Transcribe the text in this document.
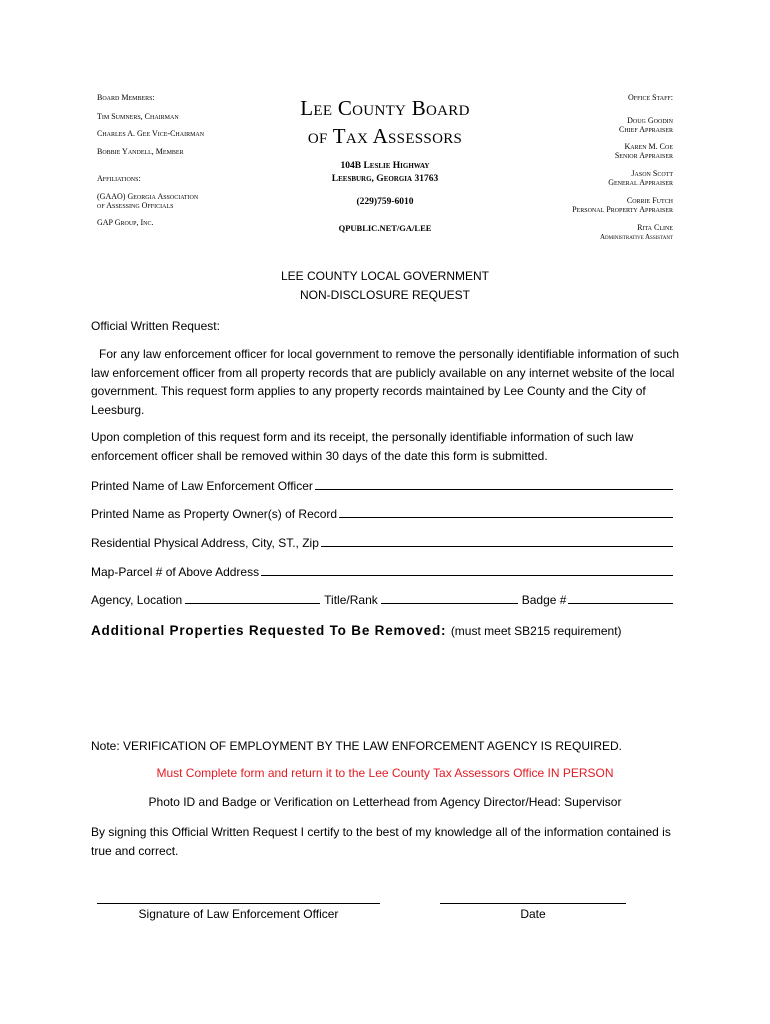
Board Members:
Tim Sumners, Chairman
Charles A. Gee Vice-Chairman
Bobbie Yandell, Member
Affiliations:
(GAAO) Georgia Association
of Assessing Officials
GAP Group, Inc.
Lee County Board
of Tax Assessors
104B Leslie Highway
Leesburg, Georgia 31763
(229)759-6010
QPUBLIC.NET/GA/LEE
Office Staff:
Doug Goodin
Chief Appraiser
Karen M. Coe
Senior Appraiser
Jason Scott
General Appraiser
Corrie Futch
Personal Property Appraiser
Rita Cline
Administrative Assistant
LEE COUNTY LOCAL GOVERNMENT
NON-DISCLOSURE REQUEST
Official Written Request:
For any law enforcement officer for local government to remove the personally identifiable information of such law enforcement officer from all property records that are publicly available on any internet website of the local government. This request form applies to any property records maintained by Lee County and the City of Leesburg.
Upon completion of this request form and its receipt, the personally identifiable information of such law enforcement officer shall be removed within 30 days of the date this form is submitted.
Printed Name of Law Enforcement Officer
Printed Name as Property Owner(s) of Record
Residential Physical Address, City, ST., Zip
Map-Parcel # of Above Address
Agency, Location	Title/Rank	Badge #
Additional Properties Requested To Be Removed: (must meet SB215 requirement)
Note: VERIFICATION OF EMPLOYMENT BY THE LAW ENFORCEMENT AGENCY IS REQUIRED.
Must Complete form and return it to the Lee County Tax Assessors Office IN PERSON
Photo ID and Badge or Verification on Letterhead from Agency Director/Head: Supervisor
By signing this Official Written Request I certify to the best of my knowledge all of the information contained is true and correct.
Signature of Law Enforcement Officer	Date
